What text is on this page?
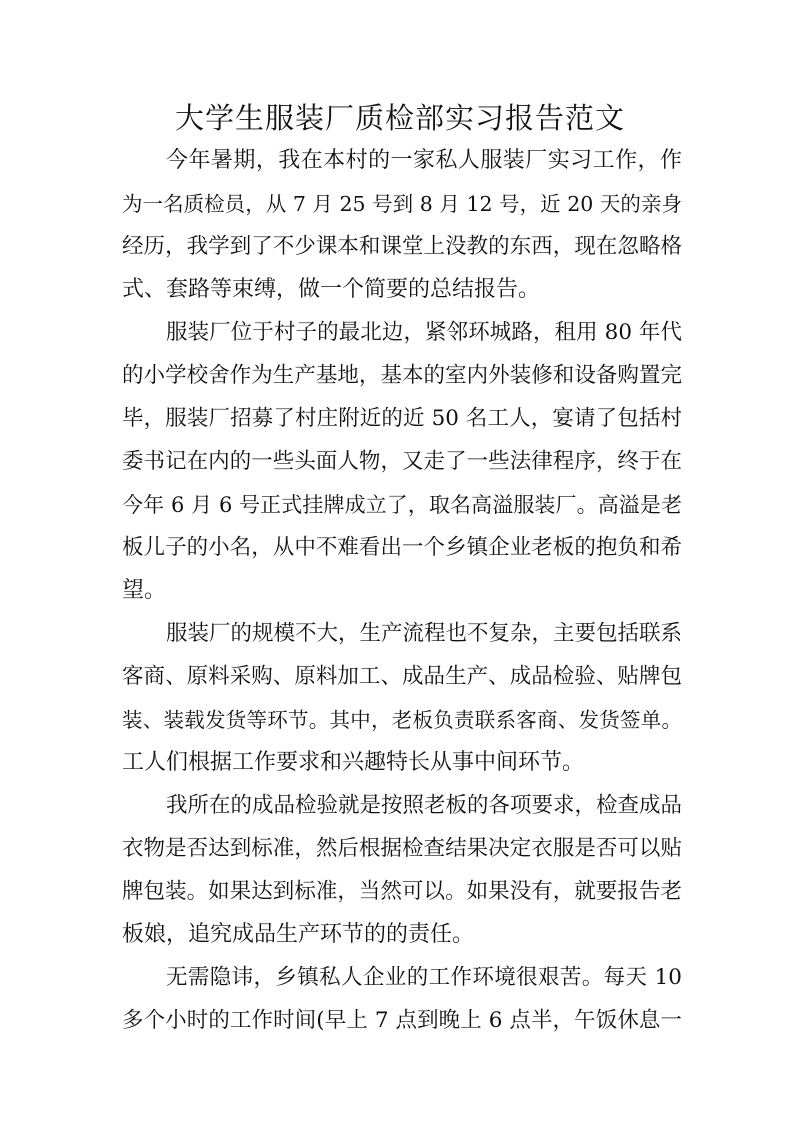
大学生服装厂质检部实习报告范文
今年暑期，我在本村的一家私人服装厂实习工作，作
为一名质检员，从 7 月 25 号到 8 月 12 号，近 20 天的亲身
经历，我学到了不少课本和课堂上没教的东西，现在忽略格
式、套路等束缚，做一个简要的总结报告。
服装厂位于村子的最北边，紧邻环城路，租用 80 年代
的小学校舍作为生产基地，基本的室内外装修和设备购置完
毕，服装厂招募了村庄附近的近 50 名工人，宴请了包括村
委书记在内的一些头面人物，又走了一些法律程序，终于在
今年 6 月 6 号正式挂牌成立了，取名高溢服装厂。高溢是老
板儿子的小名，从中不难看出一个乡镇企业老板的抱负和希
望。
服装厂的规模不大，生产流程也不复杂，主要包括联系
客商、原料采购、原料加工、成品生产、成品检验、贴牌包
装、装载发货等环节。其中，老板负责联系客商、发货签单。
工人们根据工作要求和兴趣特长从事中间环节。
我所在的成品检验就是按照老板的各项要求，检查成品
衣物是否达到标准，然后根据检查结果决定衣服是否可以贴
牌包装。如果达到标准，当然可以。如果没有，就要报告老
板娘，追究成品生产环节的的责任。
无需隐讳，乡镇私人企业的工作环境很艰苦。每天 10
多个小时的工作时间(早上 7 点到晚上 6 点半，午饭休息一
